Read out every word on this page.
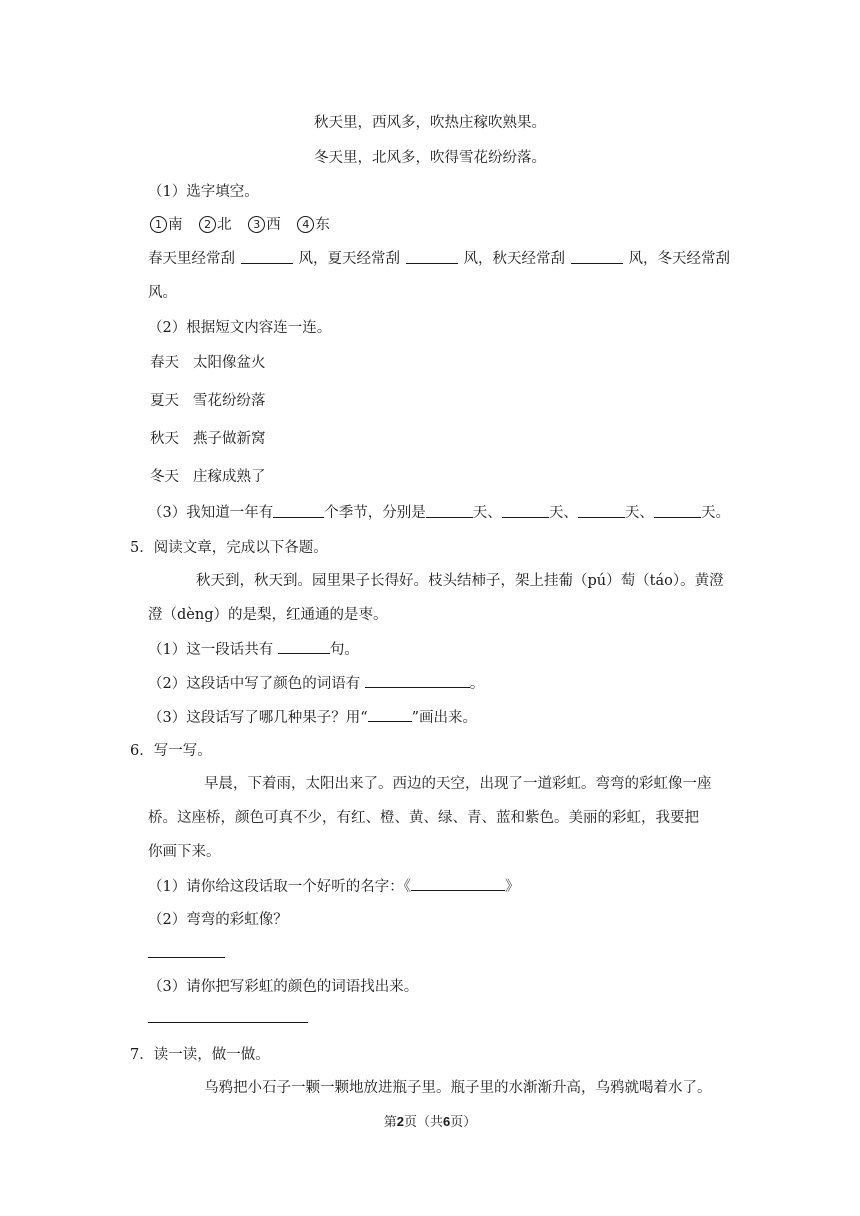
秋天里，西风多，吹热庄稼吹熟果。
冬天里，北风多，吹得雪花纷纷落。
（1）选字填空。
1 南 2 北 3 西 4 东
春天里经常刮	风，夏天经常刮	风，秋天经常刮	风，冬天经常刮
风。
（2）根据短文内容连一连。
春天 太阳像盆火
夏天 雪花纷纷落
秋天 燕子做新窝
冬天 庄稼成熟了
（3）我知道一年有	个季节，分别是	天、	天、	天、	天。
5．阅读文章，完成以下各题。
秋天到，秋天到。园里果子长得好。枝头结柿子，架上挂葡（pú）萄（táo）。黄澄
澄（dèng）的是梨，红通通的是枣。
（1）这一段话共有	句。
（2）这段话中写了颜色的词语有	。
（3）这段话写了哪几种果子？用“	”画出来。
6．写一写。
早晨，下着雨，太阳出来了。西边的天空，出现了一道彩虹。弯弯的彩虹像一座
桥。这座桥，颜色可真不少，有红、橙、黄、绿、青、蓝和紫色。美丽的彩虹，我要把
你画下来。
（1）请你给这段话取一个好听的名字：《	》
（2）弯弯的彩虹像？
（3）请你把写彩虹的颜色的词语找出来。
7．读一读，做一做。
乌鸦把小石子一颗一颗地放进瓶子里。瓶子里的水渐渐升高，乌鸦就喝着水了。
第2页（共6页）
